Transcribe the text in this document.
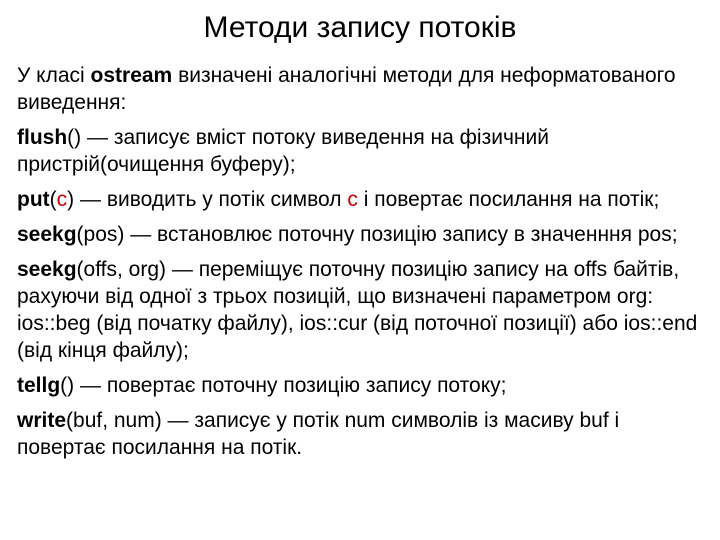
Методи запису потоків

У класі ostream визначені аналогічні методи для неформатованого виведення:

flush() — записує вміст потоку виведення на фізичний пристрій(очищення буферу);

put(c) — виводить у потік символ c і повертає посилання на потік;

seekg(pos) — встановлює поточну позицію запису в значенння pos;

seekg(offs, org) — переміщує поточну позицію запису на offs байтів, рахуючи від одної з трьох позицій, що визначені параметром org: ios::beg (від початку файлу), ios::cur (від поточної позиції) або ios::end (від кінця файлу);

tellg() — повертає поточну позицію запису потоку;

write(buf, num) — записує у потік num символів із масиву buf і повертає посилання на потік.
